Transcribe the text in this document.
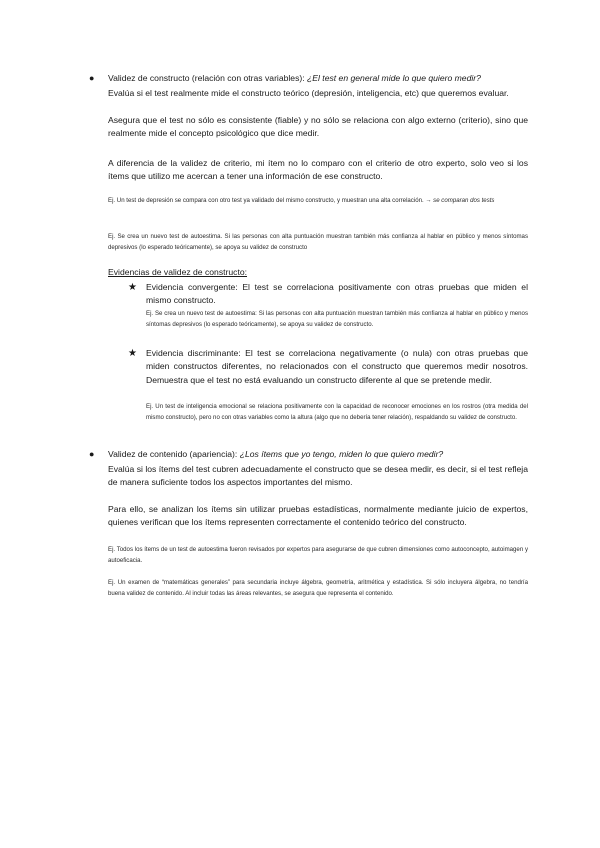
● Validez de constructo (relación con otras variables): ¿El test en general mide lo que quiero medir?
Evalúa si el test realmente mide el constructo teórico (depresión, inteligencia, etc) que queremos evaluar.
Asegura que el test no sólo es consistente (fiable) y no sólo se relaciona con algo externo (criterio), sino que realmente mide el concepto psicológico que dice medir.
A diferencia de la validez de criterio, mi ítem no lo comparo con el criterio de otro experto, solo veo si los ítems que utilizo me acercan a tener una información de ese constructo.
Ej. Un test de depresión se compara con otro test ya validado del mismo constructo, y muestran una alta correlación. → se comparan dos tests
Ej. Se crea un nuevo test de autoestima. Si las personas con alta puntuación muestran también más confianza al hablar en público y menos síntomas depresivos (lo esperado teóricamente), se apoya su validez de constructo
Evidencias de validez de constructo:
★ Evidencia convergente: El test se correlaciona positivamente con otras pruebas que miden el mismo constructo.
Ej. Se crea un nuevo test de autoestima: Si las personas con alta puntuación muestran también más confianza al hablar en público y menos síntomas depresivos (lo esperado teóricamente), se apoya su validez de constructo.
★ Evidencia discriminante: El test se correlaciona negativamente (o nula) con otras pruebas que miden constructos diferentes, no relacionados con el constructo que queremos medir nosotros. Demuestra que el test no está evaluando un constructo diferente al que se pretende medir.
Ej. Un test de inteligencia emocional se relaciona positivamente con la capacidad de reconocer emociones en los rostros (otra medida del mismo constructo), pero no con otras variables como la altura (algo que no debería tener relación), respaldando su validez de constructo.
● Validez de contenido (apariencia): ¿Los ítems que yo tengo, miden lo que quiero medir?
Evalúa si los ítems del test cubren adecuadamente el constructo que se desea medir, es decir, si el test refleja de manera suficiente todos los aspectos importantes del mismo.
Para ello, se analizan los ítems sin utilizar pruebas estadísticas, normalmente mediante juicio de expertos, quienes verifican que los ítems representen correctamente el contenido teórico del constructo.
Ej. Todos los ítems de un test de autoestima fueron revisados por expertos para asegurarse de que cubren dimensiones como autoconcepto, autoimagen y autoeficacia.
Ej. Un examen de “matemáticas generales” para secundaria incluye álgebra, geometría, aritmética y estadística. Si sólo incluyera álgebra, no tendría buena validez de contenido. Al incluir todas las áreas relevantes, se asegura que representa el contenido.
